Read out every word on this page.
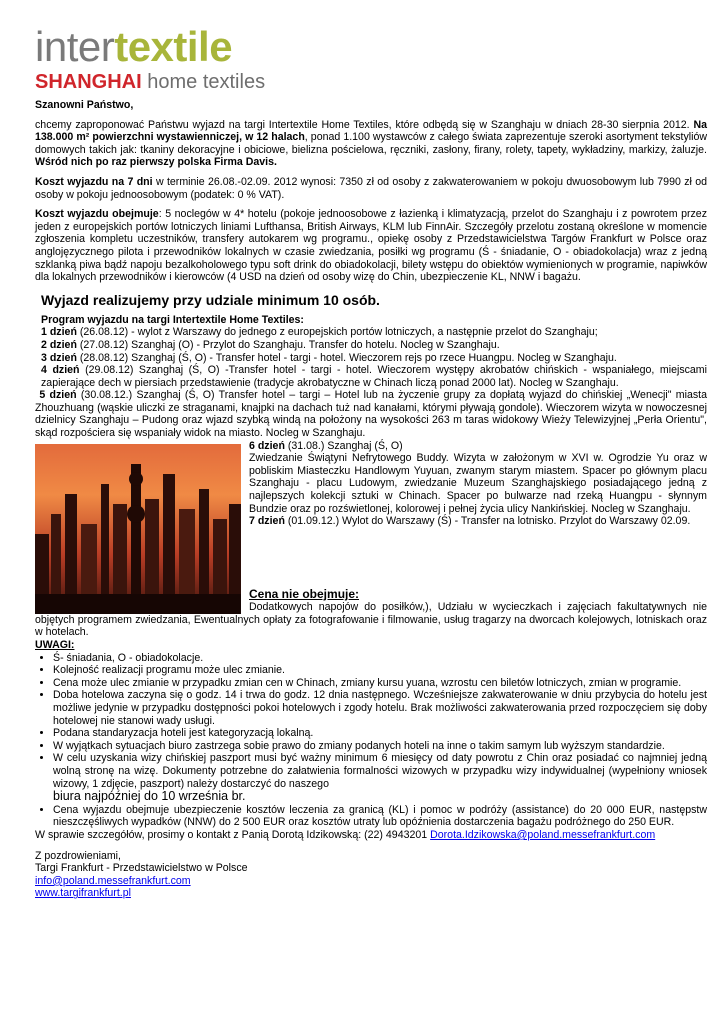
intertextile
SHANGHAI home textiles

Szanowni Państwo,

chcemy zaproponować Państwu wyjazd na targi Intertextile Home Textiles, które odbędą się w Szanghaju w dniach 28-30 sierpnia 2012. Na 138.000 m² powierzchni wystawienniczej, w 12 halach, ponad 1.100 wystawców z całego świata zaprezentuje szeroki asortyment tekstyliów domowych takich jak: tkaniny dekoracyjne i obiciowe, bielizna pościelowa, ręczniki, zasłony, firany, rolety, tapety, wykładziny, markizy, żaluzje. Wśród nich po raz pierwszy polska Firma Davis.

Koszt wyjazdu na 7 dni w terminie 26.08.-02.09. 2012 wynosi: 7350 zł od osoby z zakwaterowaniem w pokoju dwuosobowym lub 7990 zł od osoby w pokoju jednoosobowym (podatek: 0 % VAT).

Koszt wyjazdu obejmuje: 5 noclegów w 4* hotelu (pokoje jednoosobowe z łazienką i klimatyzacją, przelot do Szanghaju i z powrotem przez jeden z europejskich portów lotniczych liniami Lufthansa, British Airways, KLM lub FinnAir. Szczegóły przelotu zostaną określone w momencie zgłoszenia kompletu uczestników, transfery autokarem wg programu., opiekę osoby z Przedstawicielstwa Targów Frankfurt w Polsce oraz anglojęzycznego pilota i przewodników lokalnych w czasie zwiedzania, posiłki wg programu (Ś - śniadanie, O - obiadokolacja) wraz z jedną szklanką piwa bądź napoju bezalkoholowego typu soft drink do obiadokolacji, bilety wstępu do obiektów wymienionych w programie, napiwków dla lokalnych przewodników i kierowców (4 USD na dzień od osoby wizę do Chin, ubezpieczenie KL, NNW i bagażu.

Wyjazd realizujemy przy udziale minimum 10 osób.
Program wyjazdu na targi Intertextile Home Textiles:
1 dzień (26.08.12) - wylot z Warszawy do jednego z europejskich portów lotniczych, a następnie przelot do Szanghaju;
2 dzień (27.08.12) Szanghaj (O) - Przylot do Szanghaju. Transfer do hotelu. Nocleg w Szanghaju.
3 dzień (28.08.12) Szanghaj (Ś, O) - Transfer hotel - targi - hotel. Wieczorem rejs po rzece Huangpu. Nocleg w Szanghaju.
4 dzień (29.08.12) Szanghaj (Ś, O) -Transfer hotel - targi - hotel. Wieczorem występy akrobatów chińskich - wspaniałego, miejscami zapierające dech w piersiach przedstawienie (tradycje akrobatyczne w Chinach liczą ponad 2000 lat). Nocleg w Szanghaju.
5 dzień (30.08.12.) Szanghaj (Ś, O) Transfer hotel – targi – Hotel lub na życzenie grupy za dopłatą wyjazd do chińskiej „Wenecji" miasta Zhouzhuang (wąskie uliczki ze straganami, knajpki na dachach tuż nad kanałami, którymi pływają gondole). Wieczorem wizyta w nowoczesnej dzielnicy Szanghaju – Pudong oraz wjazd szybką windą na położony na wysokości 263 m taras widokowy Wieży Telewizyjnej „Perła Orientu", skąd rozpościera się wspaniały widok na miasto. Nocleg w Szanghaju.
6 dzień (31.08.) Szanghaj (Ś, O)
Zwiedzanie Świątyni Nefrytowego Buddy. Wizyta w założonym w XVI w. Ogrodzie Yu oraz w pobliskim Miasteczku Handlowym Yuyuan, zwanym starym miastem. Spacer po głównym placu Szanghaju - placu Ludowym, zwiedzanie Muzeum Szanghajskiego posiadającego jedną z najlepszych kolekcji sztuki w Chinach. Spacer po bulwarze nad rzeką Huangpu - słynnym Bundzie oraz po rozświetlonej, kolorowej i pełnej życia ulicy Nankińskiej. Nocleg w Szanghaju.
7 dzień (01.09.12.) Wylot do Warszawy (Ś) - Transfer na lotnisko. Przylot do Warszawy 02.09.
Cena nie obejmuje:
Dodatkowych napojów do posiłków,), Udziału w wycieczkach i zajęciach fakultatywnych nie objętych programem zwiedzania, Ewentualnych opłaty za fotografowanie i filmowanie, usług tragarzy na dworcach kolejowych, lotniskach oraz w hotelach.
UWAGI:
• Ś- śniadania, O - obiadokolacje.
• Kolejność realizacji programu może ulec zmianie.
• Cena może ulec zmianie w przypadku zmian cen w Chinach, zmiany kursu yuana, wzrostu cen biletów lotniczych, zmian w programie.
• Doba hotelowa zaczyna się o godz. 14 i trwa do godz. 12 dnia następnego. Wcześniejsze zakwaterowanie w dniu przybycia do hotelu jest możliwe jedynie w przypadku dostępności pokoi hotelowych i zgody hotelu. Brak możliwości zakwaterowania przed rozpoczęciem się doby hotelowej nie stanowi wady usługi.
• Podana standaryzacja hoteli jest kategoryzacją lokalną.
• W wyjątkach sytuacjach biuro zastrzega sobie prawo do zmiany podanych hoteli na inne o takim samym lub wyższym standardzie.
• W celu uzyskania wizy chińskiej paszport musi być ważny minimum 6 miesięcy od daty powrotu z Chin oraz posiadać co najmniej jedną wolną stronę na wizę. Dokumenty potrzebne do załatwienia formalności wizowych w przypadku wizy indywidualnej (wypełniony wniosek wizowy, 1 zdjęcie, paszport) należy dostarczyć do naszego
biura najpóźniej do 10 września br.
• Cena wyjazdu obejmuje ubezpieczenie kosztów leczenia za granicą (KL) i pomoc w podróży (assistance) do 20 000 EUR, następstw nieszczęśliwych wypadków (NNW) do 2 500 EUR oraz kosztów utraty lub opóźnienia dostarczenia bagażu podróżnego do 250 EUR.
W sprawie szczegółów, prosimy o kontakt z Panią Dorotą Idzikowską: (22) 4943201 Dorota.Idzikowska@poland.messefrankfurt.com
Z pozdrowieniami,
Targi Frankfurt - Przedstawicielstwo w Polsce
info@poland.messefrankfurt.com
www.targifrankfurt.pl
